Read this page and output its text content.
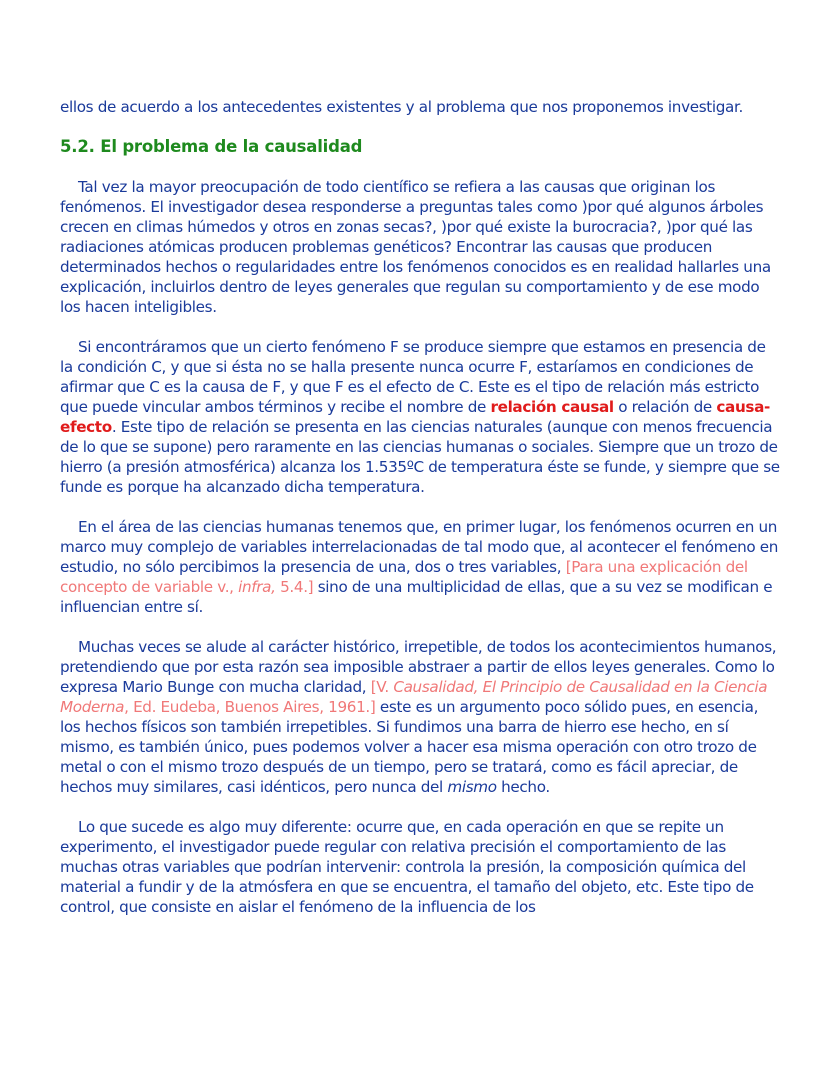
ellos de acuerdo a los antecedentes existentes y al problema que nos proponemos investigar.

5.2. El problema de la causalidad

Tal vez la mayor preocupación de todo científico se refiera a las causas que originan los fenómenos. El investigador desea responderse a preguntas tales como )por qué algunos árboles crecen en climas húmedos y otros en zonas secas?, )por qué existe la burocracia?, )por qué las radiaciones atómicas producen problemas genéticos? Encontrar las causas que producen determinados hechos o regularidades entre los fenómenos conocidos es en realidad hallarles una explicación, incluirlos dentro de leyes generales que regulan su comportamiento y de ese modo los hacen inteligibles.

Si encontráramos que un cierto fenómeno F se produce siempre que estamos en presencia de la condición C, y que si ésta no se halla presente nunca ocurre F, estaríamos en condiciones de afirmar que C es la causa de F, y que F es el efecto de C. Este es el tipo de relación más estricto que puede vincular ambos términos y recibe el nombre de relación causal o relación de causa-efecto. Este tipo de relación se presenta en las ciencias naturales (aunque con menos frecuencia de lo que se supone) pero raramente en las ciencias humanas o sociales. Siempre que un trozo de hierro (a presión atmosférica) alcanza los 1.535ºC de temperatura éste se funde, y siempre que se funde es porque ha alcanzado dicha temperatura.

En el área de las ciencias humanas tenemos que, en primer lugar, los fenómenos ocurren en un marco muy complejo de variables interrelacionadas de tal modo que, al acontecer el fenómeno en estudio, no sólo percibimos la presencia de una, dos o tres variables, [Para una explicación del concepto de variable v., infra, 5.4.] sino de una multiplicidad de ellas, que a su vez se modifican e influencian entre sí.

Muchas veces se alude al carácter histórico, irrepetible, de todos los acontecimientos humanos, pretendiendo que por esta razón sea imposible abstraer a partir de ellos leyes generales. Como lo expresa Mario Bunge con mucha claridad, [V. Causalidad, El Principio de Causalidad en la Ciencia Moderna, Ed. Eudeba, Buenos Aires, 1961.] este es un argumento poco sólido pues, en esencia, los hechos físicos son también irrepetibles. Si fundimos una barra de hierro ese hecho, en sí mismo, es también único, pues podemos volver a hacer esa misma operación con otro trozo de metal o con el mismo trozo después de un tiempo, pero se tratará, como es fácil apreciar, de hechos muy similares, casi idénticos, pero nunca del mismo hecho.

Lo que sucede es algo muy diferente: ocurre que, en cada operación en que se repite un experimento, el investigador puede regular con relativa precisión el comportamiento de las muchas otras variables que podrían intervenir: controla la presión, la composición química del material a fundir y de la atmósfera en que se encuentra, el tamaño del objeto, etc. Este tipo de control, que consiste en aislar el fenómeno de la influencia de los
